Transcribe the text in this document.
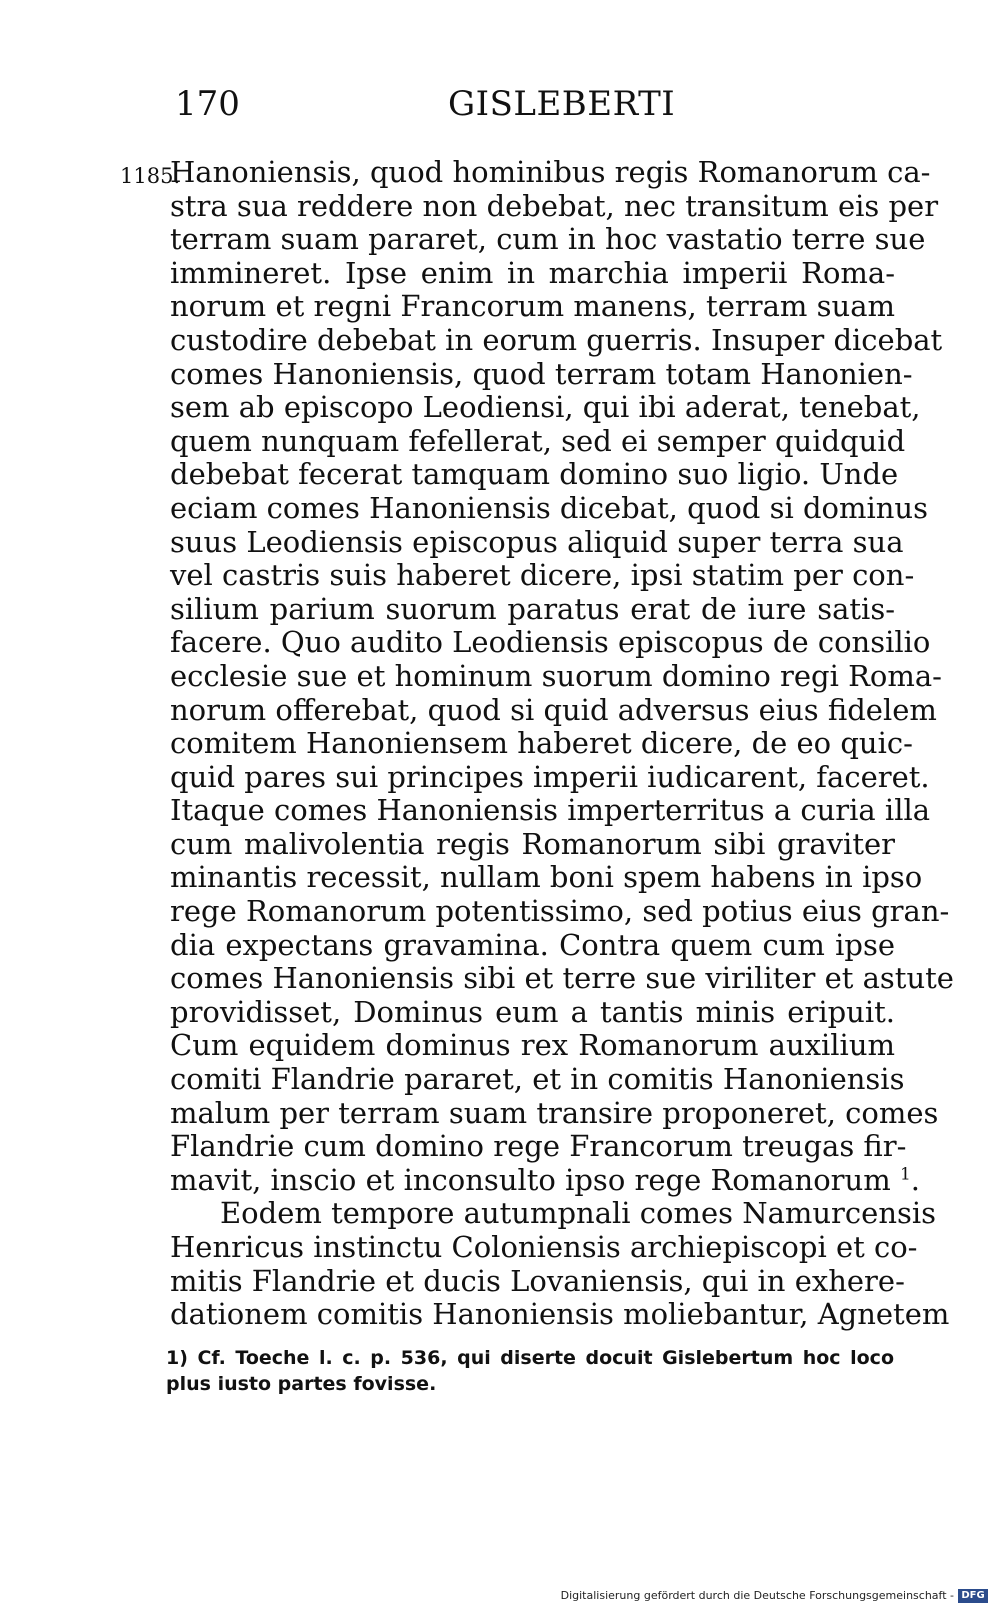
170	GISLEBERTI
1185.
Hanoniensis, quod hominibus regis Romanorum ca-
stra sua reddere non debebat, nec transitum eis per
terram suam pararet, cum in hoc vastatio terre sue
immineret. Ipse enim in marchia imperii Roma-
norum et regni Francorum manens, terram suam
custodire debebat in eorum guerris. Insuper dicebat
comes Hanoniensis, quod terram totam Hanonien-
sem ab episcopo Leodiensi, qui ibi aderat, tenebat,
quem nunquam fefellerat, sed ei semper quidquid
debebat fecerat tamquam domino suo ligio. Unde
eciam comes Hanoniensis dicebat, quod si dominus
suus Leodiensis episcopus aliquid super terra sua
vel castris suis haberet dicere, ipsi statim per con-
silium parium suorum paratus erat de iure satis-
facere. Quo audito Leodiensis episcopus de consilio
ecclesie sue et hominum suorum domino regi Roma-
norum offerebat, quod si quid adversus eius fidelem
comitem Hanoniensem haberet dicere, de eo quic-
quid pares sui principes imperii iudicarent, faceret.
Itaque comes Hanoniensis imperterritus a curia illa
cum malivolentia regis Romanorum sibi graviter
minantis recessit, nullam boni spem habens in ipso
rege Romanorum potentissimo, sed potius eius gran-
dia expectans gravamina. Contra quem cum ipse
comes Hanoniensis sibi et terre sue viriliter et astute
providisset, Dominus eum a tantis minis eripuit.
Cum equidem dominus rex Romanorum auxilium
comiti Flandrie pararet, et in comitis Hanoniensis
malum per terram suam transire proponeret, comes
Flandrie cum domino rege Francorum treugas fir-
mavit, inscio et inconsulto ipso rege Romanorum $^1$.
Eodem tempore autumpnali comes Namurcensis
Henricus instinctu Coloniensis archiepiscopi et co-
mitis Flandrie et ducis Lovaniensis, qui in exhere-
dationem comitis Hanoniensis moliebantur, Agnetem
1) Cf. Toeche l. c. p. 536, qui diserte docuit Gislebertum hoc loco
plus iusto partes fovisse.
Digitalisierung gefördert durch die Deutsche Forschungsgemeinschaft - DFG
